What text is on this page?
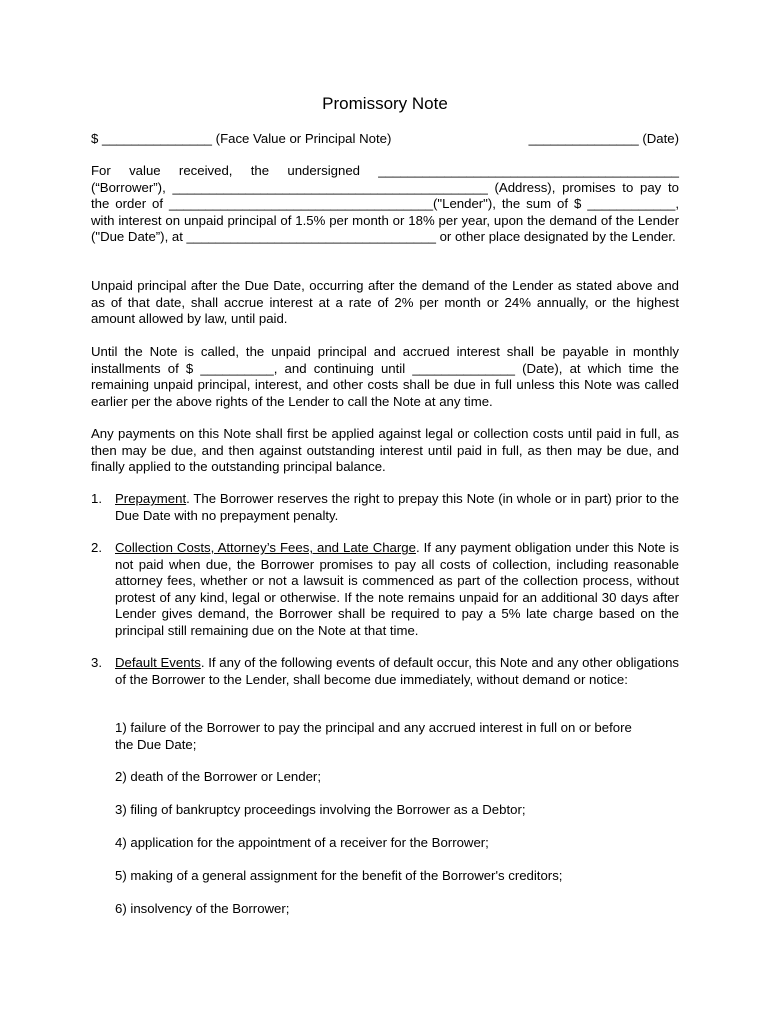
Promissory Note
$ _______________ (Face Value or Principal Note)	_______________ (Date)
For value received, the undersigned _________________________________________ (“Borrower”), ___________________________________________ (Address), promises to pay to the order of ____________________________________("Lender"), the sum of $ ____________, with interest on unpaid principal of 1.5% per month or 18% per year, upon the demand of the Lender ("Due Date”), at __________________________________ or other place designated by the Lender.
Unpaid principal after the Due Date, occurring after the demand of the Lender as stated above and as of that date, shall accrue interest at a rate of 2% per month or 24% annually, or the highest amount allowed by law, until paid.
Until the Note is called, the unpaid principal and accrued interest shall be payable in monthly installments of $ __________, and continuing until ______________ (Date), at which time the remaining unpaid principal, interest, and other costs shall be due in full unless this Note was called earlier per the above rights of the Lender to call the Note at any time.
Any payments on this Note shall first be applied against legal or collection costs until paid in full, as then may be due, and then against outstanding interest until paid in full, as then may be due, and finally applied to the outstanding principal balance.
1. Prepayment. The Borrower reserves the right to prepay this Note (in whole or in part) prior to the Due Date with no prepayment penalty.
2. Collection Costs, Attorney’s Fees, and Late Charge. If any payment obligation under this Note is not paid when due, the Borrower promises to pay all costs of collection, including reasonable attorney fees, whether or not a lawsuit is commenced as part of the collection process, without protest of any kind, legal or otherwise. If the note remains unpaid for an additional 30 days after Lender gives demand, the Borrower shall be required to pay a 5% late charge based on the principal still remaining due on the Note at that time.
3. Default Events. If any of the following events of default occur, this Note and any other obligations of the Borrower to the Lender, shall become due immediately, without demand or notice:
1) failure of the Borrower to pay the principal and any accrued interest in full on or before the Due Date;
2) death of the Borrower or Lender;
3) filing of bankruptcy proceedings involving the Borrower as a Debtor;
4) application for the appointment of a receiver for the Borrower;
5) making of a general assignment for the benefit of the Borrower's creditors;
6) insolvency of the Borrower;
